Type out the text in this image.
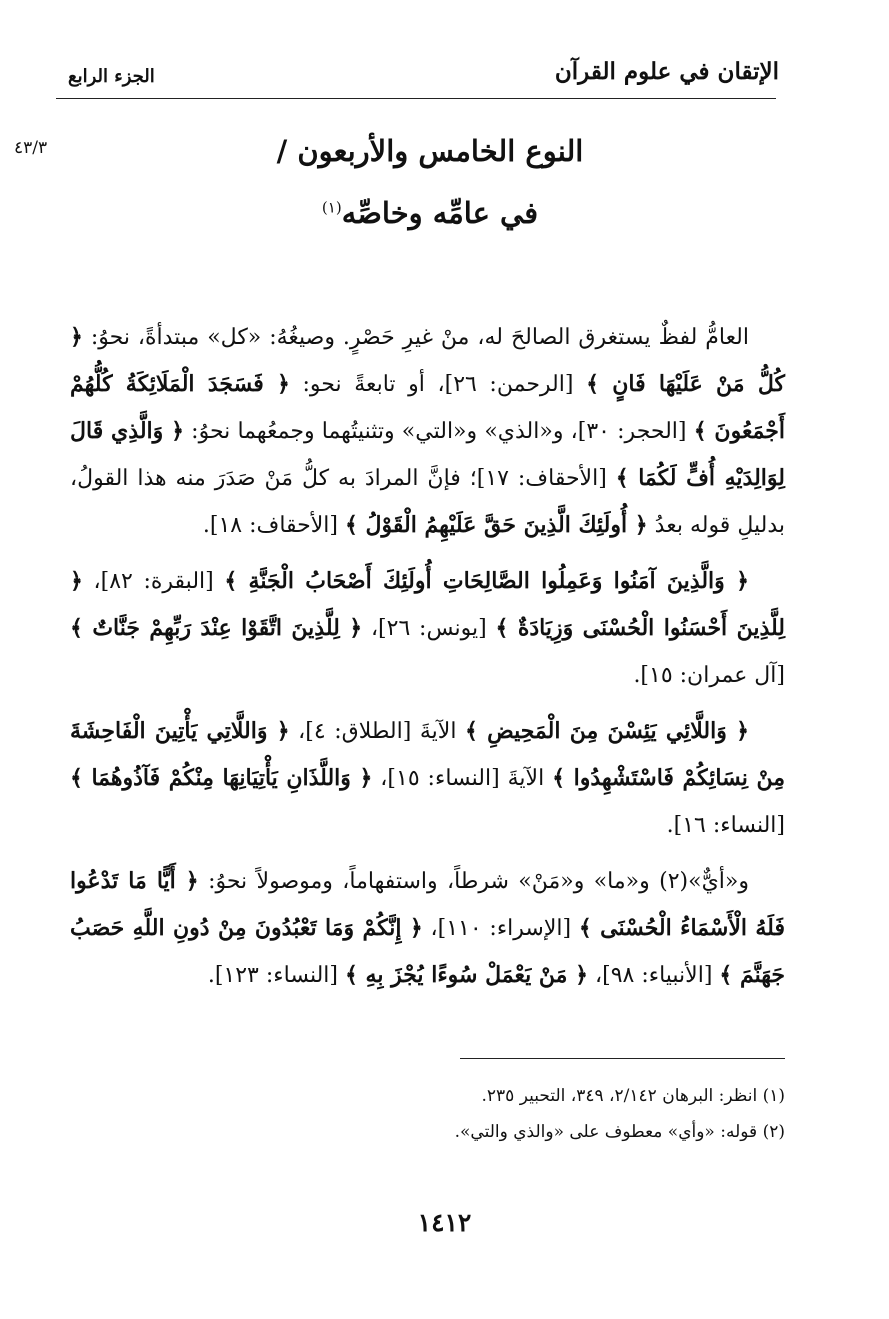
الإتقان في علوم القرآن
الجزء الرابع
٤٣/٣	النوع الخامس والأربعون /
في عامِّه وخاصِّه$^{(١)}$

العامُّ لفظٌ يستغرق الصالحَ له، منْ غيرِ حَصْرٍ. وصيغُهُ: «كل» مبتدأةً، نحوُ: ﴿ كُلُّ مَنْ عَلَيْهَا فَانٍ ﴾ [الرحمن: ٢٦]، أو تابعةً نحو: ﴿ فَسَجَدَ الْمَلَائِكَةُ كُلُّهُمْ أَجْمَعُونَ ﴾ [الحجر: ٣٠]، و«الذي» و«التي» وتثنيتُهما وجمعُهما نحوُ: ﴿ وَالَّذِي قَالَ لِوَالِدَيْهِ أُفٍّ لَكُمَا ﴾ [الأحقاف: ١٧]؛ فإنَّ المرادَ به كلُّ مَنْ صَدَرَ منه هذا القولُ، بدليلِ قوله بعدُ ﴿ أُولَئِكَ الَّذِينَ حَقَّ عَلَيْهِمُ الْقَوْلُ ﴾ [الأحقاف: ١٨].

﴿ وَالَّذِينَ آمَنُوا وَعَمِلُوا الصَّالِحَاتِ أُولَئِكَ أَصْحَابُ الْجَنَّةِ ﴾ [البقرة: ٨٢]، ﴿ لِلَّذِينَ أَحْسَنُوا الْحُسْنَى وَزِيَادَةٌ ﴾ [يونس: ٢٦]، ﴿ لِلَّذِينَ اتَّقَوْا عِنْدَ رَبِّهِمْ جَنَّاتٌ ﴾ [آل عمران: ١٥].

﴿ وَاللَّائِي يَئِسْنَ مِنَ الْمَحِيضِ ﴾ الآيةَ [الطلاق: ٤]، ﴿ وَاللَّاتِي يَأْتِينَ الْفَاحِشَةَ مِنْ نِسَائِكُمْ فَاسْتَشْهِدُوا ﴾ الآيةَ [النساء: ١٥]، ﴿ وَاللَّذَانِ يَأْتِيَانِهَا مِنْكُمْ فَآذُوهُمَا ﴾ [النساء: ١٦].

و«أيٌّ»(٢) و«ما» و«مَنْ» شرطاً، واستفهاماً، وموصولاً نحوُ: ﴿ أَيًّا مَا تَدْعُوا فَلَهُ الْأَسْمَاءُ الْحُسْنَى ﴾ [الإسراء: ١١٠]، ﴿ إِنَّكُمْ وَمَا تَعْبُدُونَ مِنْ دُونِ اللَّهِ حَصَبُ جَهَنَّمَ ﴾ [الأنبياء: ٩٨]، ﴿ مَنْ يَعْمَلْ سُوءًا يُجْزَ بِهِ ﴾ [النساء: ١٢٣].

(١) انظر: البرهان ٢/١٤٢، ٣٤٩، التحبير ٢٣٥.

(٢) قوله: «وأي» معطوف على «والذي والتي».

١٤١٢
